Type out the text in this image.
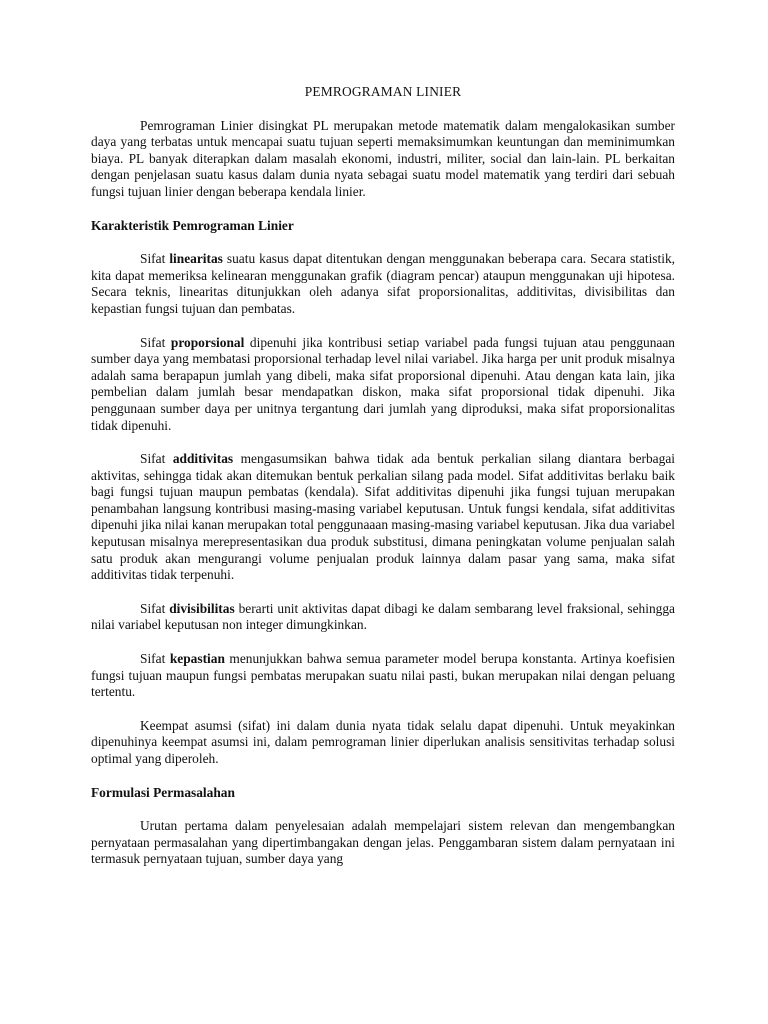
PEMROGRAMAN LINIER

Pemrograman Linier disingkat PL merupakan metode matematik dalam mengalokasikan sumber daya yang terbatas untuk mencapai suatu tujuan seperti memaksimumkan keuntungan dan meminimumkan biaya. PL banyak diterapkan dalam masalah ekonomi, industri, militer, social dan lain-lain. PL berkaitan dengan penjelasan suatu kasus dalam dunia nyata sebagai suatu model matematik yang terdiri dari sebuah fungsi tujuan linier dengan beberapa kendala linier.

Karakteristik Pemrograman Linier

Sifat linearitas suatu kasus dapat ditentukan dengan menggunakan beberapa cara. Secara statistik, kita dapat memeriksa kelinearan menggunakan grafik (diagram pencar) ataupun menggunakan uji hipotesa. Secara teknis, linearitas ditunjukkan oleh adanya sifat proporsionalitas, additivitas, divisibilitas dan kepastian fungsi tujuan dan pembatas.

Sifat proporsional dipenuhi jika kontribusi setiap variabel pada fungsi tujuan atau penggunaan sumber daya yang membatasi proporsional terhadap level nilai variabel. Jika harga per unit produk misalnya adalah sama berapapun jumlah yang dibeli, maka sifat proporsional dipenuhi. Atau dengan kata lain, jika pembelian dalam jumlah besar mendapatkan diskon, maka sifat proporsional tidak dipenuhi. Jika penggunaan sumber daya per unitnya tergantung dari jumlah yang diproduksi, maka sifat proporsionalitas tidak dipenuhi.

Sifat additivitas mengasumsikan bahwa tidak ada bentuk perkalian silang diantara berbagai aktivitas, sehingga tidak akan ditemukan bentuk perkalian silang pada model. Sifat additivitas berlaku baik bagi fungsi tujuan maupun pembatas (kendala). Sifat additivitas dipenuhi jika fungsi tujuan merupakan penambahan langsung kontribusi masing-masing variabel keputusan. Untuk fungsi kendala, sifat additivitas dipenuhi jika nilai kanan merupakan total penggunaaan masing-masing variabel keputusan. Jika dua variabel keputusan misalnya merepresentasikan dua produk substitusi, dimana peningkatan volume penjualan salah satu produk akan mengurangi volume penjualan produk lainnya dalam pasar yang sama, maka sifat additivitas tidak terpenuhi.

Sifat divisibilitas berarti unit aktivitas dapat dibagi ke dalam sembarang level fraksional, sehingga nilai variabel keputusan non integer dimungkinkan.

Sifat kepastian menunjukkan bahwa semua parameter model berupa konstanta. Artinya koefisien fungsi tujuan maupun fungsi pembatas merupakan suatu nilai pasti, bukan merupakan nilai dengan peluang tertentu.

Keempat asumsi (sifat) ini dalam dunia nyata tidak selalu dapat dipenuhi. Untuk meyakinkan dipenuhinya keempat asumsi ini, dalam pemrograman linier diperlukan analisis sensitivitas terhadap solusi optimal yang diperoleh.

Formulasi Permasalahan

Urutan pertama dalam penyelesaian adalah mempelajari sistem relevan dan mengembangkan pernyataan permasalahan yang dipertimbangakan dengan jelas. Penggambaran sistem dalam pernyataan ini termasuk pernyataan tujuan, sumber daya yang
